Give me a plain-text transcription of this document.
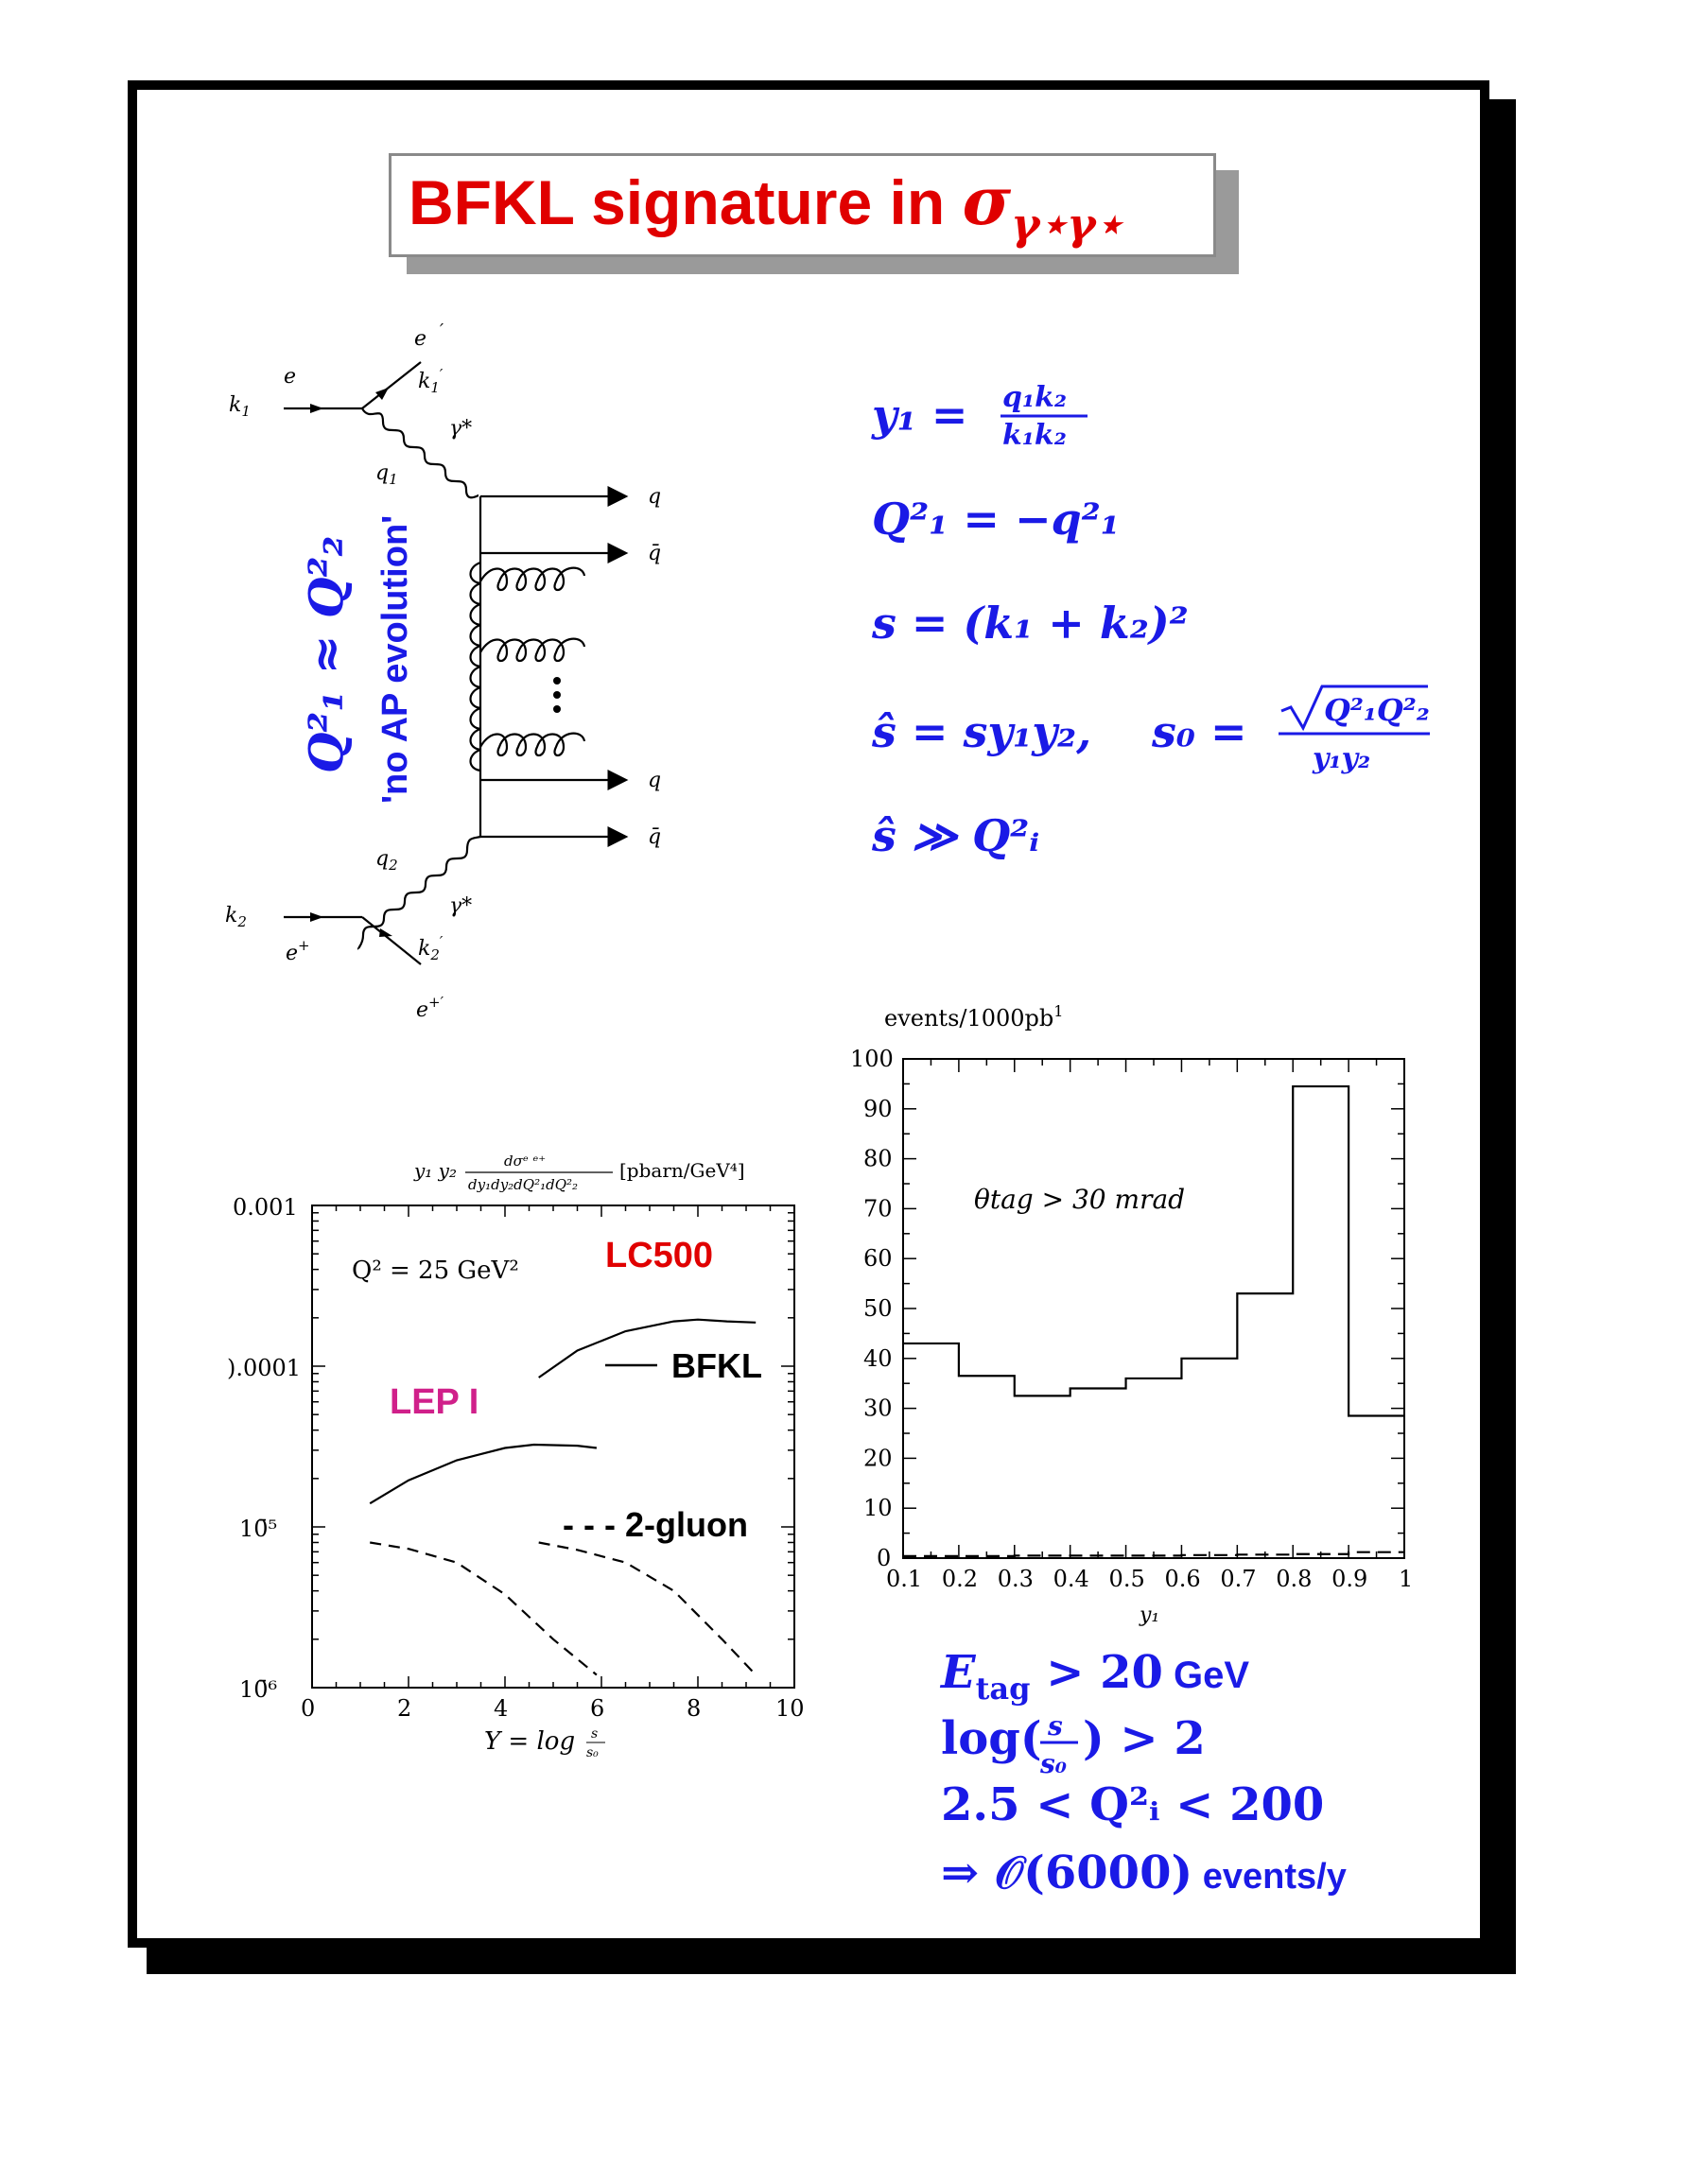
BFKL signature in $\sigma_{\gamma⋆\gamma⋆}$
e
e ′
$k_1$
$k_1'$
γ*
$q_1$
q
q̄
q
q̄
$q_2$
γ*
$k_2$
e+	$k_2'$
e+′
Q²₁ ≈ Q²₂ 'no AP evolution'
y₁ = q₁k₂
k₁k₂
Q²₁ = −q²₁
s = (k₁ + k₂)²
ŝ = sy₁y₂, s₀ =	Q²₁Q²₂
y₁y₂
ŝ ≫ Q²ᵢ
y₁ y₂	dσᵉ ᵉ⁺
dy₁dy₂dQ²₁dQ²₂
[pbarn/GeV⁴]
0.001
).0001
10̄⁵
10̄⁶
0	2	4	6	8	10
Y = log s
s₀
Q² = 25 GeV² LC500
LEP I
BFKL
- - - 2-gluon
events/$1000pb^1$
0.1 0.2 0.3 0.4 0.5 0.6 0.7 0.8 0.9 1
0
10
20
30
40
50
60
70
80
90
100
θtag > 30 mrad
y₁
$E_{tag} > 20$ GeV
log( s
s₀ ) > 2
2.5 < Q²ᵢ < 200
⇒ 𝒪(6000) events/y
